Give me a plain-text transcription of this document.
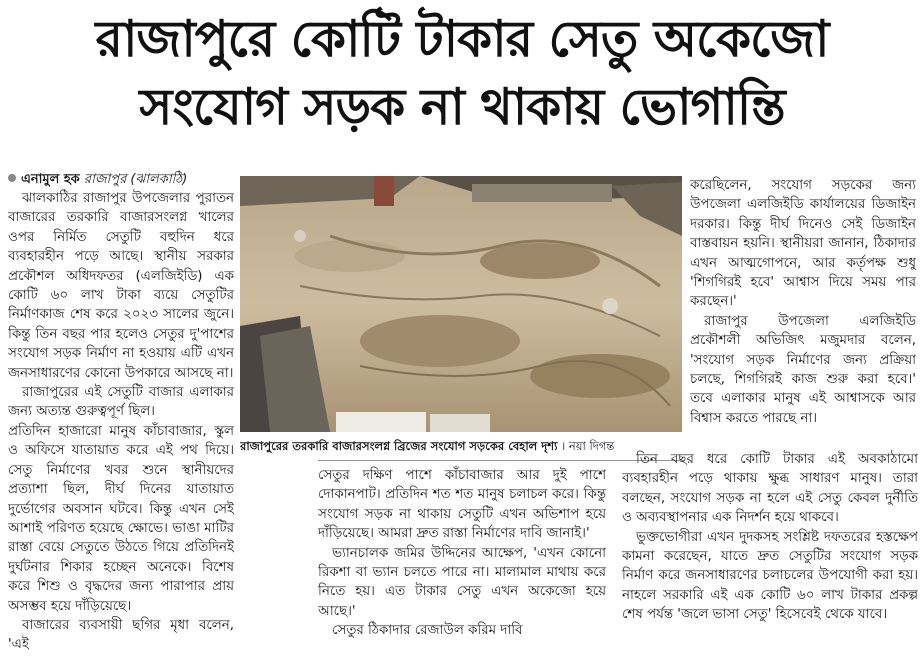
রাজাপুরে কোটি টাকার সেতু অকেজো
সংযোগ সড়ক না থাকায় ভোগান্তি
এনামুল হক রাজাপুর (ঝালকাঠি)

ঝালকাঠির রাজাপুর উপজেলার পুরাতন বাজারের তরকারি বাজারসংলগ্ন খালের ওপর নির্মিত সেতুটি বহুদিন ধরে ব্যবহারহীন পড়ে আছে। স্থানীয় সরকার প্রকৌশল অধিদফতর (এলজিইডি) এক কোটি ৬০ লাখ টাকা ব্যয়ে সেতুটির নির্মাণকাজ শেষ করে ২০২৩ সালের জুনে। কিন্তু তিন বছর পার হলেও সেতুর দু'পাশের সংযোগ সড়ক নির্মাণ না হওয়ায় এটি এখন জনসাধারণের কোনো উপকারে আসছে না।

রাজাপুরের এই সেতুটি বাজার এলাকার জন্য অত্যন্ত গুরুত্বপূর্ণ ছিল।

প্রতিদিন হাজারো মানুষ কাঁচাবাজার, স্কুল ও অফিসে যাতায়াত করে এই পথ দিয়ে। সেতু নির্মাণের খবর শুনে স্থানীয়দের প্রত্যাশা ছিল, দীর্ঘ দিনের যাতায়াত দুর্ভোগের অবসান ঘটবে। কিন্তু এখন সেই আশাই পরিণত হয়েছে ক্ষোভে। ভাঙা মাটির রাস্তা বেয়ে সেতুতে উঠতে গিয়ে প্রতিদিনই দুর্ঘটনার শিকার হচ্ছেন অনেকে। বিশেষ করে শিশু ও বৃদ্ধদের জন্য পারাপার প্রায় অসম্ভব হয়ে দাঁড়িয়েছে।

বাজারের ব্যবসায়ী ছগির মৃধা বলেন, 'এই

রাজাপুরের তরকারি বাজারসংলগ্ন ব্রিজের সংযোগ সড়কের বেহাল দৃশ্য । নয়া দিগন্ত

সেতুর দক্ষিণ পাশে কাঁচাবাজার আর দুই পাশে দোকানপাট। প্রতিদিন শত শত মানুষ চলাচল করে। কিন্তু সংযোগ সড়ক না থাকায় সেতুটি এখন অভিশাপ হয়ে দাঁড়িয়েছে। আমরা দ্রুত রাস্তা নির্মাণের দাবি জানাই।'

ভ্যানচালক জমির উদ্দিনের আক্ষেপ, 'এখন কোনো রিকশা বা ভ্যান চলতে পারে না। মালামাল মাথায় করে নিতে হয়। এত টাকার সেতু এখন অকেজো হয়ে আছে।'

সেতুর ঠিকাদার রেজাউল করিম দাবি

করেছিলেন, সংযোগ সড়কের জন্য উপজেলা এলজিইডি কার্যালয়ের ডিজাইন দরকার। কিন্তু দীর্ঘ দিনেও সেই ডিজাইন বাস্তবায়ন হয়নি। স্থানীয়রা জানান, ঠিকাদার এখন আত্মগোপনে, আর কর্তৃপক্ষ শুধু 'শিগগিরই হবে' আশ্বাস দিয়ে সময় পার করছেন।'

রাজাপুর উপজেলা এলজিইডি প্রকৌশলী অভিজিৎ মজুমদার বলেন, 'সংযোগ সড়ক নির্মাণের জন্য প্রক্রিয়া চলছে, শিগগিরই কাজ শুরু করা হবে।' তবে এলাকার মানুষ এই আশ্বাসকে আর বিশ্বাস করতে পারছে না।

তিন বছর ধরে কোটি টাকার এই অবকাঠামো ব্যবহারহীন পড়ে থাকায় ক্ষুব্ধ সাধারণ মানুষ। তারা বলছেন, সংযোগ সড়ক না হলে এই সেতু কেবল দুর্নীতি ও অব্যবস্থাপনার এক নিদর্শন হয়ে থাকবে।

ভুক্তভোগীরা এখন দুদকসহ সংশ্লিষ্ট দফতরের হস্তক্ষেপ কামনা করেছেন, যাতে দ্রুত সেতুটির সংযোগ সড়ক নির্মাণ করে জনসাধারণের চলাচলের উপযোগী করা হয়। নাহলে সরকারি এই এক কোটি ৬০ লাখ টাকার প্রকল্প শেষ পর্যন্ত 'জলে ভাসা সেতু' হিসেবেই থেকে যাবে।
